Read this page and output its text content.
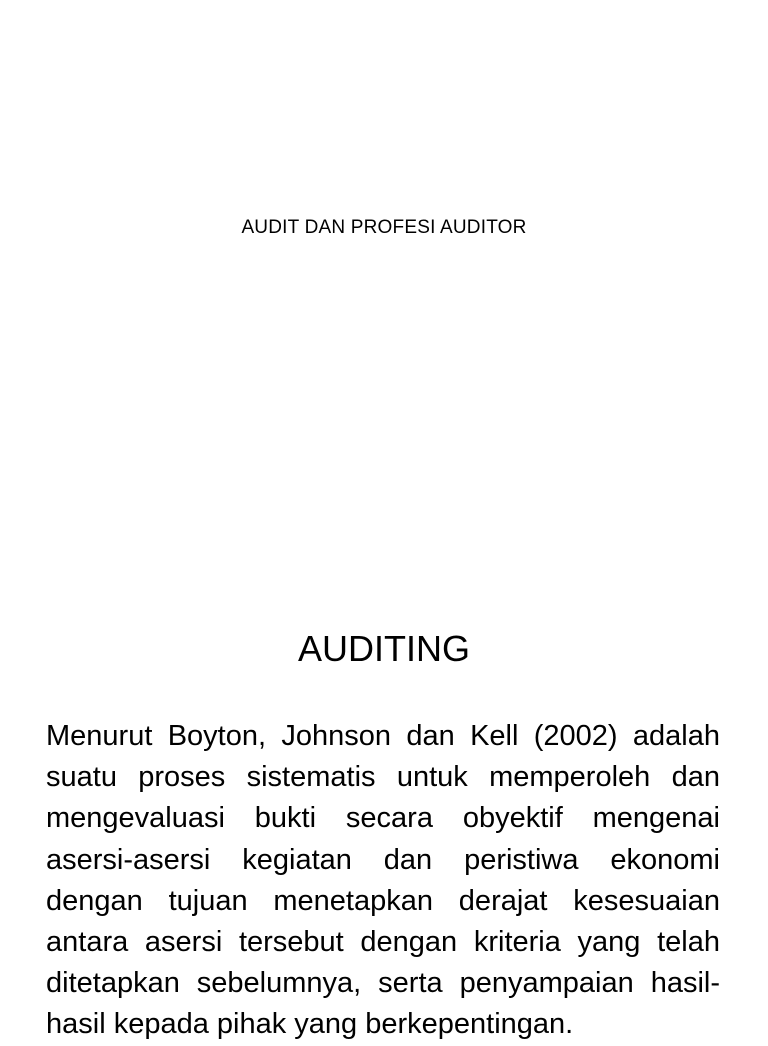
AUDIT DAN PROFESI AUDITOR
AUDITING

Menurut Boyton, Johnson dan Kell (2002) adalah suatu proses sistematis untuk memperoleh dan mengevaluasi bukti secara obyektif mengenai asersi-asersi kegiatan dan peristiwa ekonomi dengan tujuan menetapkan derajat kesesuaian antara asersi tersebut dengan kriteria yang telah ditetapkan sebelumnya, serta penyampaian hasil-hasil kepada pihak yang berkepentingan.
